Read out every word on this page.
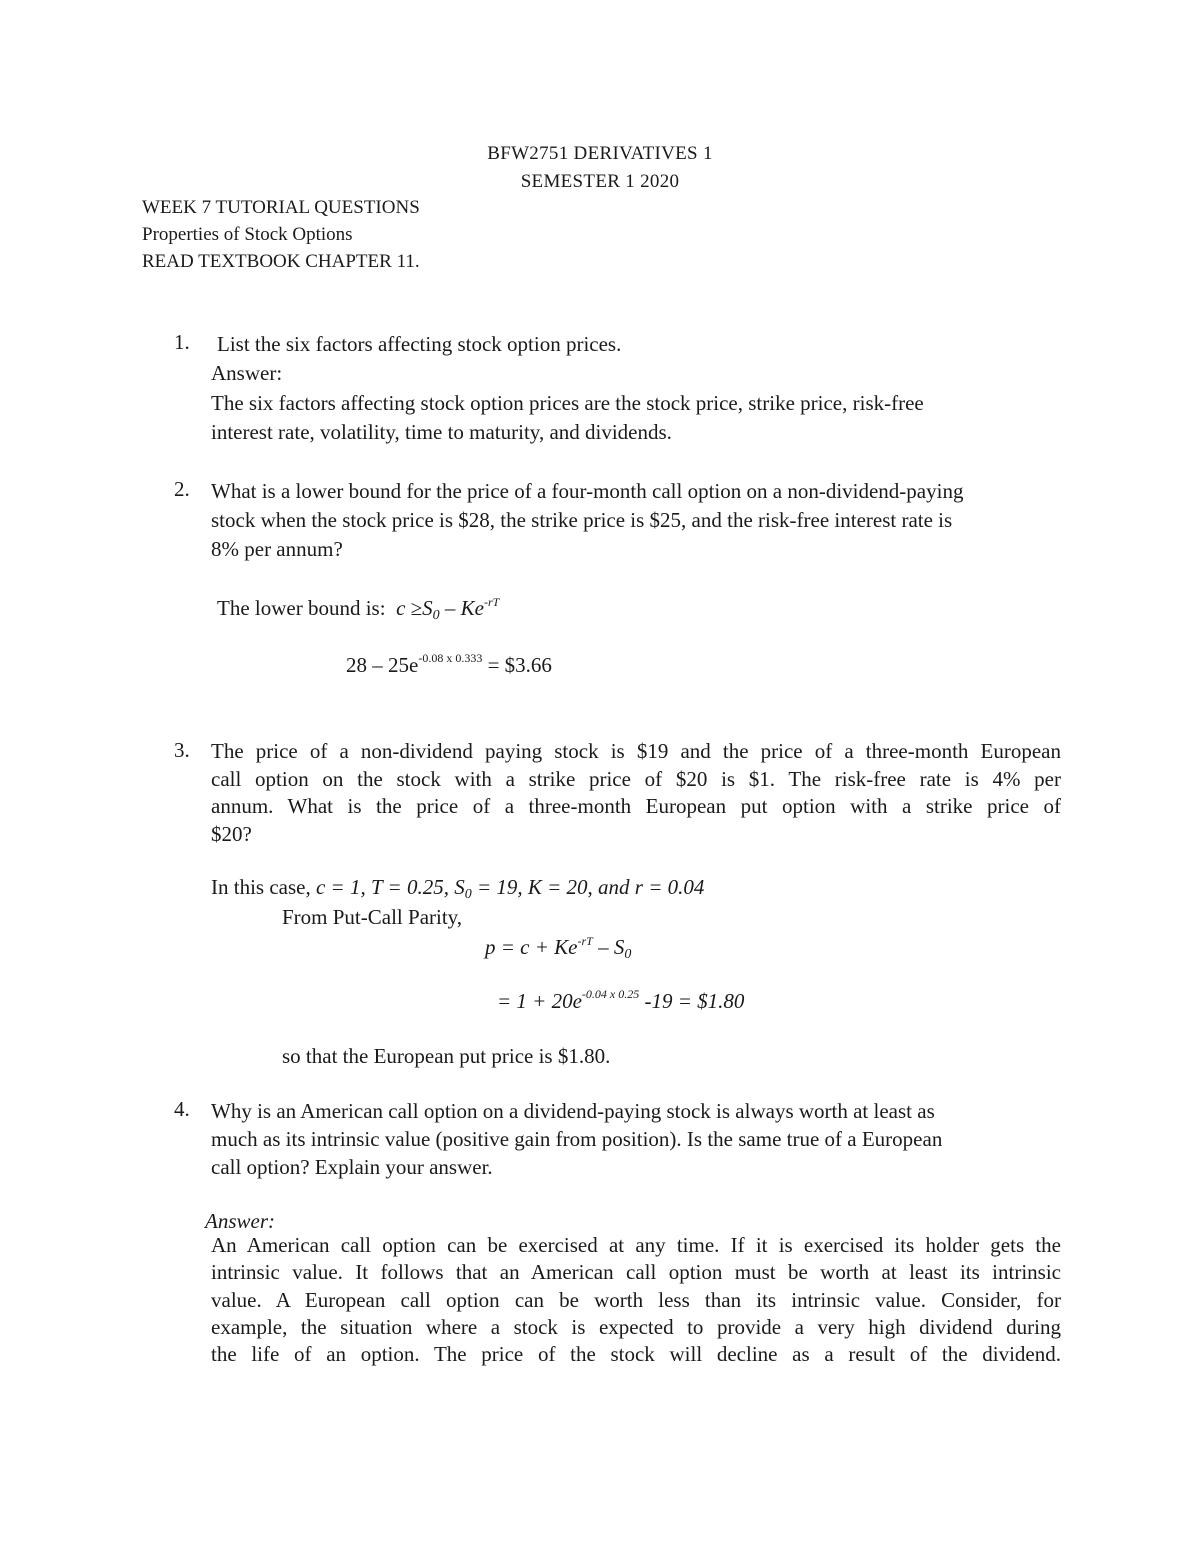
BFW2751 DERIVATIVES 1
SEMESTER 1 2020
WEEK 7 TUTORIAL QUESTIONS
Properties of Stock Options
READ TEXTBOOK CHAPTER 11.
1. List the six factors affecting stock option prices.
Answer:
The six factors affecting stock option prices are the stock price, strike price, risk-free
interest rate, volatility, time to maturity, and dividends.
2. What is a lower bound for the price of a four-month call option on a non-dividend-paying
stock when the stock price is $28, the strike price is $25, and the risk-free interest rate is
8% per annum?
The lower bound is: $c \ge S_0 - Ke^{-rT}$
$28 - 25e^{-0.08 x 0.333}$ = $3.66
3. The price of a non-dividend paying stock is $19 and the price of a three-month European

call option on the stock with a strike price of $20 is $1. The risk-free rate is 4% per

annum. What is the price of a three-month European put option with a strike price of

$20?

In this case, c = 1, T = 0.25, $S_0 = 19$, K = 20, and r = 0.04
From Put-Call Parity,
$p = c + Ke^{-rT} - S_0$
= $1 + 20e^{-0.04 x 0.25}$ -19 = $1.80
so that the European put price is $1.80.
4. Why is an American call option on a dividend-paying stock is always worth at least as
much as its intrinsic value (positive gain from position). Is the same true of a European
call option? Explain your answer.
Answer:

An American call option can be exercised at any time. If it is exercised its holder gets the

intrinsic value. It follows that an American call option must be worth at least its intrinsic

value. A European call option can be worth less than its intrinsic value. Consider, for

example, the situation where a stock is expected to provide a very high dividend during

the life of an option. The price of the stock will decline as a result of the dividend.
